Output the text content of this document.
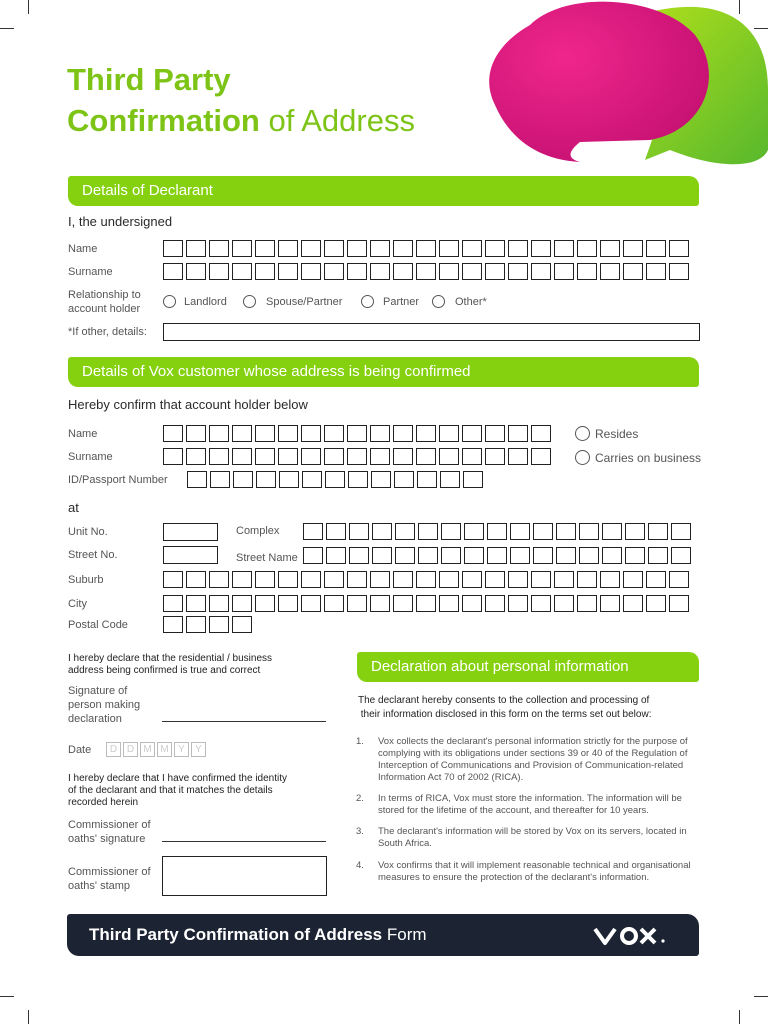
Third Party
Confirmation of Address
Details of Declarant
I, the undersigned
Name
Surname
Relationship to
account holder
Landlord	Spouse/Partner	Partner	Other*
*If other, details:
Details of Vox customer whose address is being confirmed
Hereby confirm that account holder below
Name	Resides
Surname	Carries on business
ID/Passport Number
at
Unit No.	Complex
Street No.	Street Name
Suburb
City
Postal Code
I hereby declare that the residential / business
address being confirmed is true and correct
Signature of
person making
declaration
Date	D D M M Y	Y
I hereby declare that I have confirmed the identity
of the declarant and that it matches the details
recorded herein
Commissioner of
oaths' signature
Commissioner of
oaths' stamp
Declaration about personal information
The declarant hereby consents to the collection and processing of
their information disclosed in this form on the terms set out below:
1. Vox collects the declarant's personal information strictly for the purpose of complying with its obligations under sections 39 or 40 of the Regulation of Interception of Communications and Provision of Communication-related Information Act 70 of 2002 (RICA).
2. In terms of RICA, Vox must store the information. The information will be stored for the lifetime of the account, and thereafter for 10 years.
3. The declarant's information will be stored by Vox on its servers, located in South Africa.
4. Vox confirms that it will implement reasonable technical and organisational measures to ensure the protection of the declarant's information.
Third Party Confirmation of Address Form
